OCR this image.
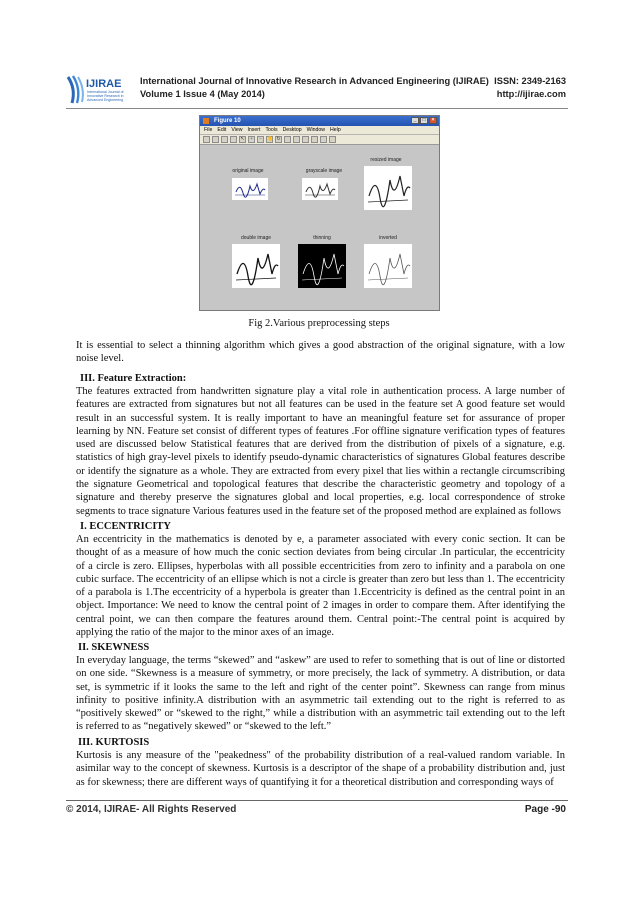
IJIRAE
International Journal of
Innovative Research in
Advanced Engineering
International Journal of Innovative Research in Advanced Engineering (IJIRAE)
Volume 1 Issue 4 (May 2014)
ISSN: 2349-2163
http://ijirae.com
Figure 10	_	□	×
File Edit View Insert Tools Desktop Window Help
↖	+	−	✋ ↻
original image	grayscale image
resized image
double image	thinning	inverted
Fig 2.Various preprocessing steps
It is essential to select a thinning algorithm which gives a good abstraction of the original signature, with a low noise level.
III. Feature Extraction:
The features extracted from handwritten signature play a vital role in authentication process. A large number of features are extracted from signatures but not all features can be used in the feature set A good feature set would result in an successful system. It is really important to have an meaningful feature set for assurance of proper learning by NN. Feature set consist of different types of features .For offline signature verification types of features used are discussed below Statistical features that are derived from the distribution of pixels of a signature, e.g. statistics of high gray-level pixels to identify pseudo-dynamic characteristics of signatures Global features describe or identify the signature as a whole. They are extracted from every pixel that lies within a rectangle circumscribing the signature Geometrical and topological features that describe the characteristic geometry and topology of a signature and thereby preserve the signatures global and local properties, e.g. local correspondence of stroke segments to trace signature Various features used in the feature set of the proposed method are explained as follows
I. ECCENTRICITY
An eccentricity in the mathematics is denoted by e, a parameter associated with every conic section. It can be thought of as a measure of how much the conic section deviates from being circular .In particular, the eccentricity of a circle is zero. Ellipses, hyperbolas with all possible eccentricities from zero to infinity and a parabola on one cubic surface. The eccentricity of an ellipse which is not a circle is greater than zero but less than 1. The eccentricity of a parabola is 1.The eccentricity of a hyperbola is greater than 1.Eccentricity is defined as the central point in an object. Importance: We need to know the central point of 2 images in order to compare them. After identifying the central point, we can then compare the features around them. Central point:-The central point is acquired by applying the ratio of the major to the minor axes of an image.
II. SKEWNESS
In everyday language, the terms “skewed” and “askew” are used to refer to something that is out of line or distorted on one side. “Skewness is a measure of symmetry, or more precisely, the lack of symmetry. A distribution, or data set, is symmetric if it looks the same to the left and right of the center point”. Skewness can range from minus infinity to positive infinity.A distribution with an asymmetric tail extending out to the right is referred to as “positively skewed” or “skewed to the right,” while a distribution with an asymmetric tail extending out to the left is referred to as “negatively skewed” or “skewed to the left.”
III. KURTOSIS
Kurtosis is any measure of the "peakedness" of the probability distribution of a real-valued random variable. In asimilar way to the concept of skewness. Kurtosis is a descriptor of the shape of a probability distribution and, just as for skewness; there are different ways of quantifying it for a theoretical distribution and corresponding ways of
© 2014, IJIRAE- All Rights Reserved	Page -90
